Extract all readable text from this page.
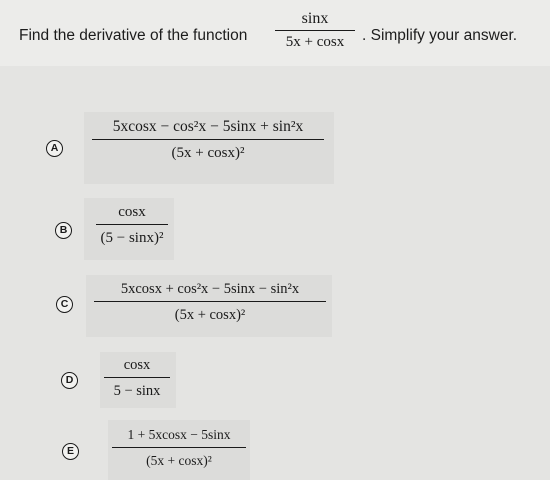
Find the derivative of the function
sinx
5x + cosx	. Simplify your answer.
A
5xcosx − cos²x − 5sinx + sin²x
(5x + cosx)²
B
cosx
(5 − sinx)²
C
5xcosx + cos²x − 5sinx − sin²x
(5x + cosx)²
D
cosx
5 − sinx
E
1 + 5xcosx − 5sinx
(5x + cosx)²
